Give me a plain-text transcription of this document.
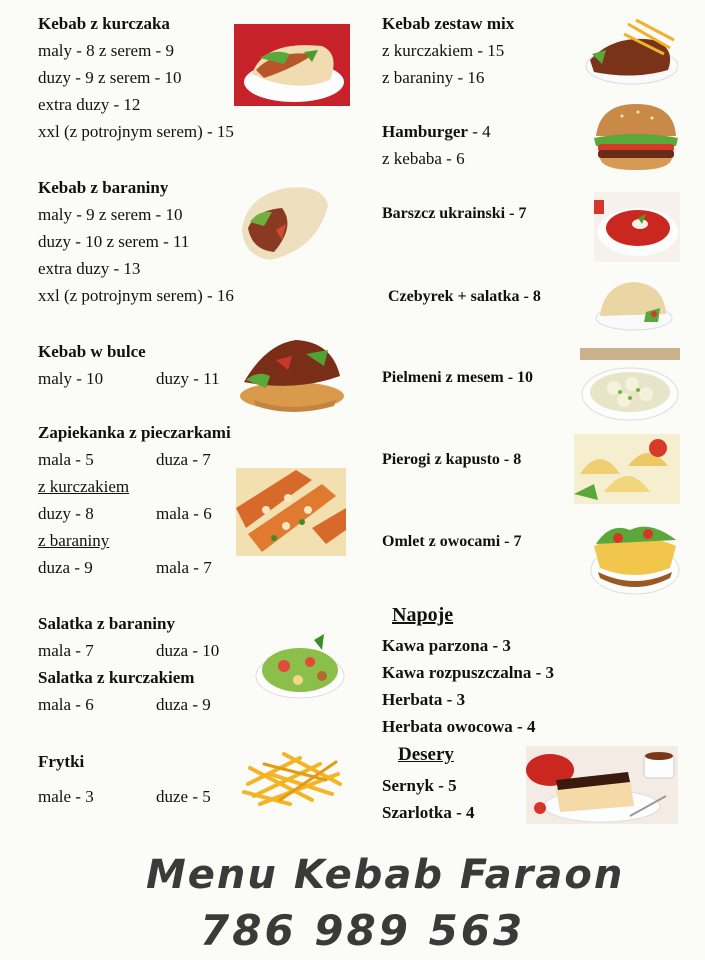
Kebab z kurczaka
maly - 8 z serem - 9
duzy - 9 z serem - 10
extra duzy - 12
xxl (z potrojnym serem) - 15
Kebab z baraniny
maly - 9 z serem - 10
duzy - 10 z serem - 11
extra duzy - 13
xxl (z potrojnym serem) - 16
Kebab w bulce
maly - 10	duzy - 11
Zapiekanka z pieczarkami
mala - 5	duza - 7
z kurczakiem
duzy - 8	mala - 6
z baraniny
duza - 9	mala - 7
Salatka z baraniny
mala - 7	duza - 10
Salatka z kurczakiem
mala - 6	duza - 9
Frytki
male - 3	duze - 5
Kebab zestaw mix
z kurczakiem - 15
z baraniny - 16
Hamburger - 4
z kebaba - 6
Barszcz ukrainski - 7
Czebyrek + salatka - 8
Pielmeni z mesem - 10
Pierogi z kapusto - 8
Omlet z owocami - 7
Napoje
Kawa parzona - 3
Kawa rozpuszczalna - 3
Herbata - 3
Herbata owocowa - 4
Desery
Sernyk - 5
Szarlotka - 4
Menu Kebab Faraon
786 989 563
